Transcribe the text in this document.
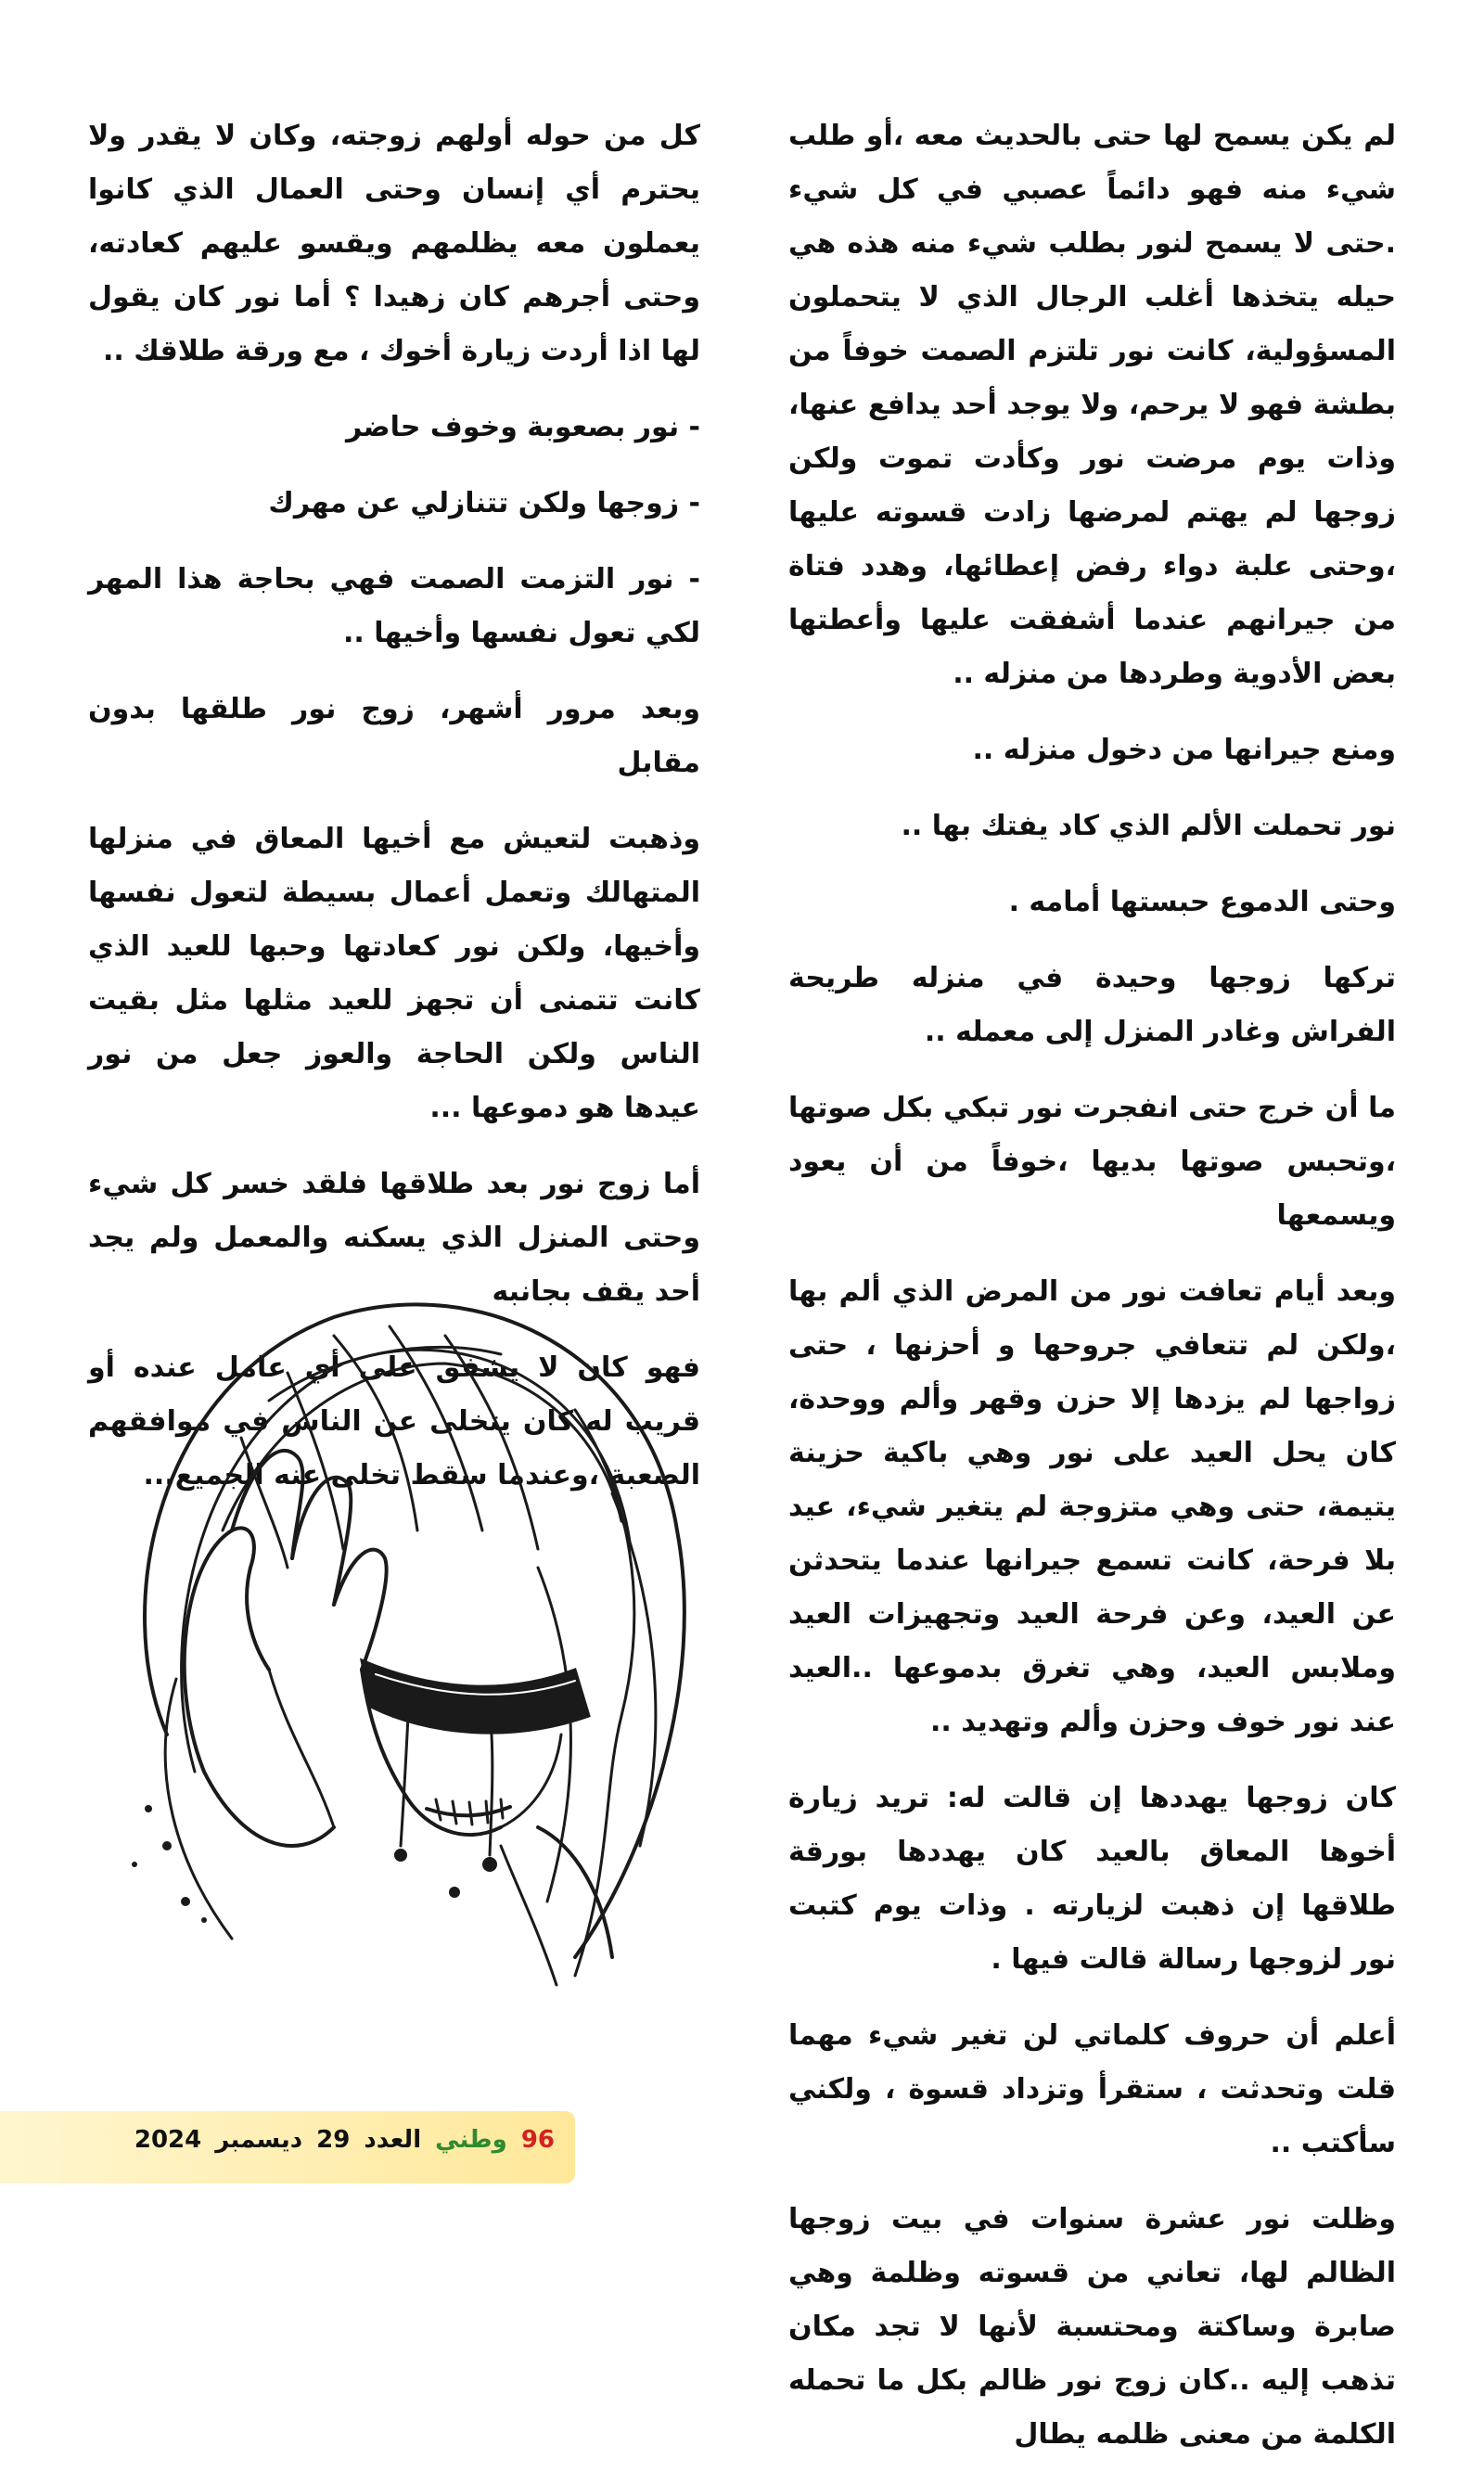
لم يكن يسمح لها حتى بالحديث معه ،أو طلب شيء منه فهو دائماً عصبي في كل شيء .حتى لا يسمح لنور بطلب شيء منه هذه هي حيله يتخذها أغلب الرجال الذي لا يتحملون المسؤولية، كانت نور تلتزم الصمت خوفاً من بطشة فهو لا يرحم، ولا يوجد أحد يدافع عنها، وذات يوم مرضت نور وكأدت تموت ولكن زوجها لم يهتم لمرضها زادت قسوته عليها ،وحتى علبة دواء رفض إعطائها، وهدد فتاة من جيرانهم عندما أشفقت عليها وأعطتها بعض الأدوية وطردها من منزله ..

ومنع جيرانها من دخول منزله ..

نور تحملت الألم الذي كاد يفتك بها ..

وحتى الدموع حبستها أمامه .

تركها زوجها وحيدة في منزله طريحة الفراش وغادر المنزل إلى معمله ..

ما أن خرج حتى انفجرت نور تبكي بكل صوتها ،وتحبس صوتها بديها ،خوفاً من أن يعود ويسمعها

وبعد أيام تعافت نور من المرض الذي ألم بها ،ولكن لم تتعافي جروحها و أحزنها ، حتى زواجها لم يزدها إلا حزن وقهر وألم ووحدة، كان يحل العيد على نور وهي باكية حزينة يتيمة، حتى وهي متزوجة لم يتغير شيء، عيد بلا فرحة، كانت تسمع جيرانها عندما يتحدثن عن العيد، وعن فرحة العيد وتجهيزات العيد وملابس العيد، وهي تغرق بدموعها ..العيد عند نور خوف وحزن وألم وتهديد ..

كان زوجها يهددها إن قالت له: تريد زيارة أخوها المعاق بالعيد كان يهددها بورقة طلاقها إن ذهبت لزيارته . وذات يوم كتبت نور لزوجها رسالة قالت فيها .

أعلم أن حروف كلماتي لن تغير شيء مهما قلت وتحدثت ، ستقرأ وتزداد قسوة ، ولكني سأكتب ..

وظلت نور عشرة سنوات في بيت زوجها الظالم لها، تعاني من قسوته وظلمة وهي صابرة وساكتة ومحتسبة لأنها لا تجد مكان تذهب إليه ..كان زوج نور ظالم بكل ما تحمله الكلمة من معنى ظلمه يطال

كل من حوله أولهم زوجته، وكان لا يقدر ولا يحترم أي إنسان وحتى العمال الذي كانوا يعملون معه يظلمهم ويقسو عليهم كعادته، وحتى أجرهم كان زهيدا ؟ أما نور كان يقول لها اذا أردت زيارة أخوك ، مع ورقة طلاقك ..

- نور بصعوبة وخوف حاضر

- زوجها ولكن تتنازلي عن مهرك

- نور التزمت الصمت فهي بحاجة هذا المهر لكي تعول نفسها وأخيها ..

وبعد مرور أشهر، زوج نور طلقها بدون مقابل

وذهبت لتعيش مع أخيها المعاق في منزلها المتهالك وتعمل أعمال بسيطة لتعول نفسها وأخيها، ولكن نور كعادتها وحبها للعيد الذي كانت تتمنى أن تجهز للعيد مثلها مثل بقيت الناس ولكن الحاجة والعوز جعل من نور عيدها هو دموعها ...

أما زوج نور بعد طلاقها فلقد خسر كل شيء وحتى المنزل الذي يسكنه والمعمل ولم يجد أحد يقف بجانبه

فهو كان لا يشفق على أي عامل عنده أو قريب له كان يتخلى عن الناس في موافقهم الصعبة ،وعندما سقط تخلى عنه الجميع...

96 وطني العدد 29 ديسمبر 2024
